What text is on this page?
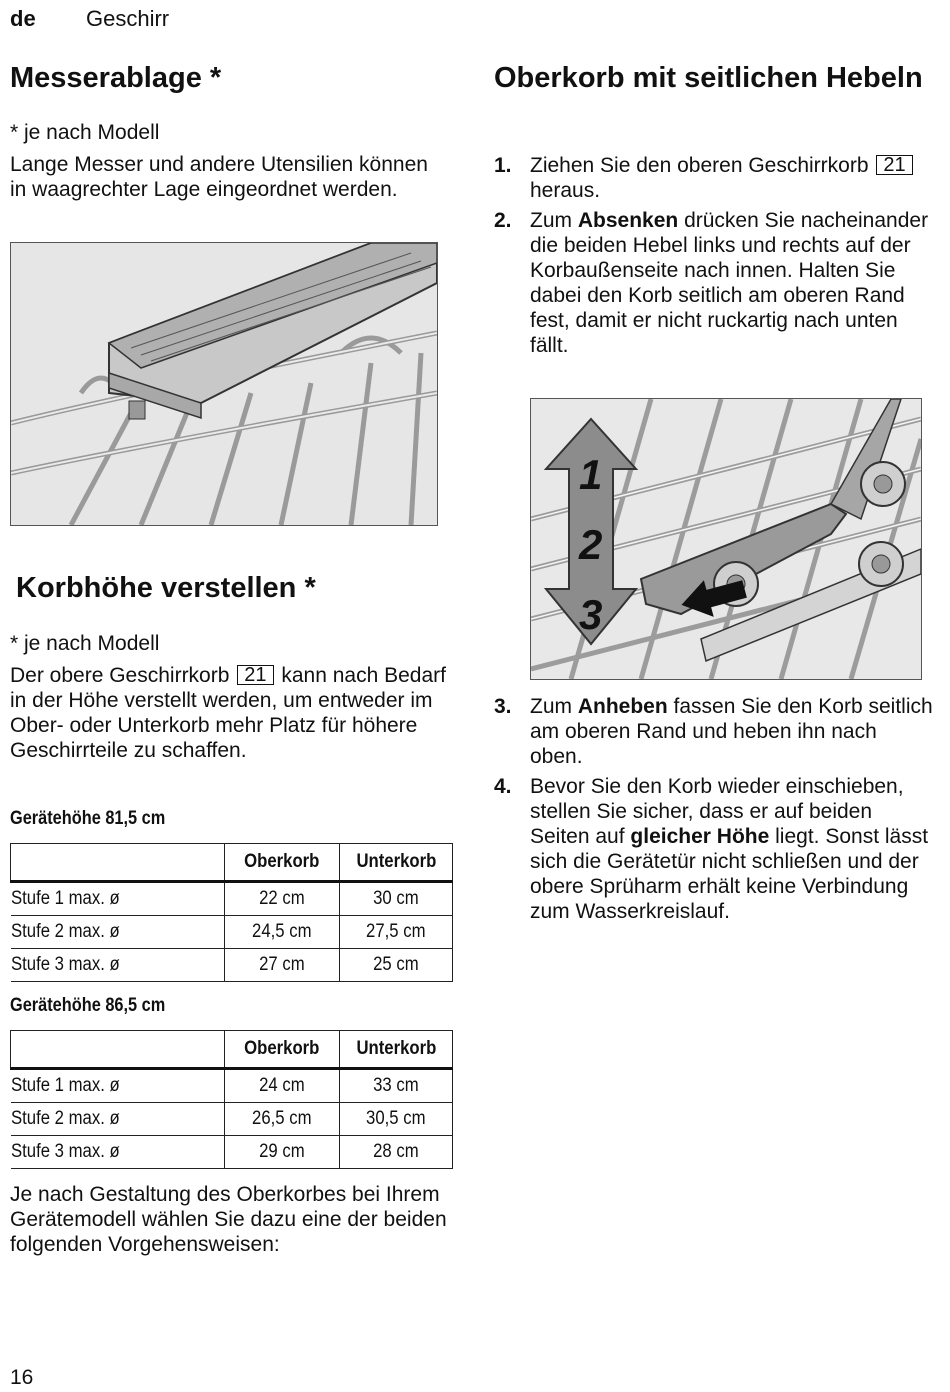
de Geschirr
Messerablage *

* je nach Modell

Lange Messer und andere Utensilien können in waagrechter Lage eingeordnet werden.

Korbhöhe verstellen *

* je nach Modell

Der obere Geschirrkorb 21 kann nach Bedarf in der Höhe verstellt werden, um entweder im Ober- oder Unterkorb mehr Platz für höhere Geschirrteile zu schaffen.

Gerätehöhe 81,5 cm
	Oberkorb	Unterkorb
Stufe 1 max. ø	22 cm	30 cm
Stufe 2 max. ø	24,5 cm	27,5 cm
Stufe 3 max. ø	27 cm	25 cm
Gerätehöhe 86,5 cm
	Oberkorb	Unterkorb
Stufe 1 max. ø	24 cm	33 cm
Stufe 2 max. ø	26,5 cm	30,5 cm
Stufe 3 max. ø	29 cm	28 cm
Je nach Gestaltung des Oberkorbes bei Ihrem Gerätemodell wählen Sie dazu eine der beiden folgenden Vorgehensweisen:
Oberkorb mit seitlichen Hebeln
1. Ziehen Sie den oberen Geschirrkorb 21 heraus.
2. Zum Absenken drücken Sie nacheinander die beiden Hebel links und rechts auf der Korbaußenseite nach innen. Halten Sie dabei den Korb seitlich am oberen Rand fest, damit er nicht ruckartig nach unten fällt.
1
2
3
3. Zum Anheben fassen Sie den Korb seitlich am oberen Rand und heben ihn nach oben.
4. Bevor Sie den Korb wieder einschieben, stellen Sie sicher, dass er auf beiden Seiten auf gleicher Höhe liegt. Sonst lässt sich die Gerätetür nicht schließen und der obere Sprüharm erhält keine Verbindung zum Wasserkreislauf.
16
